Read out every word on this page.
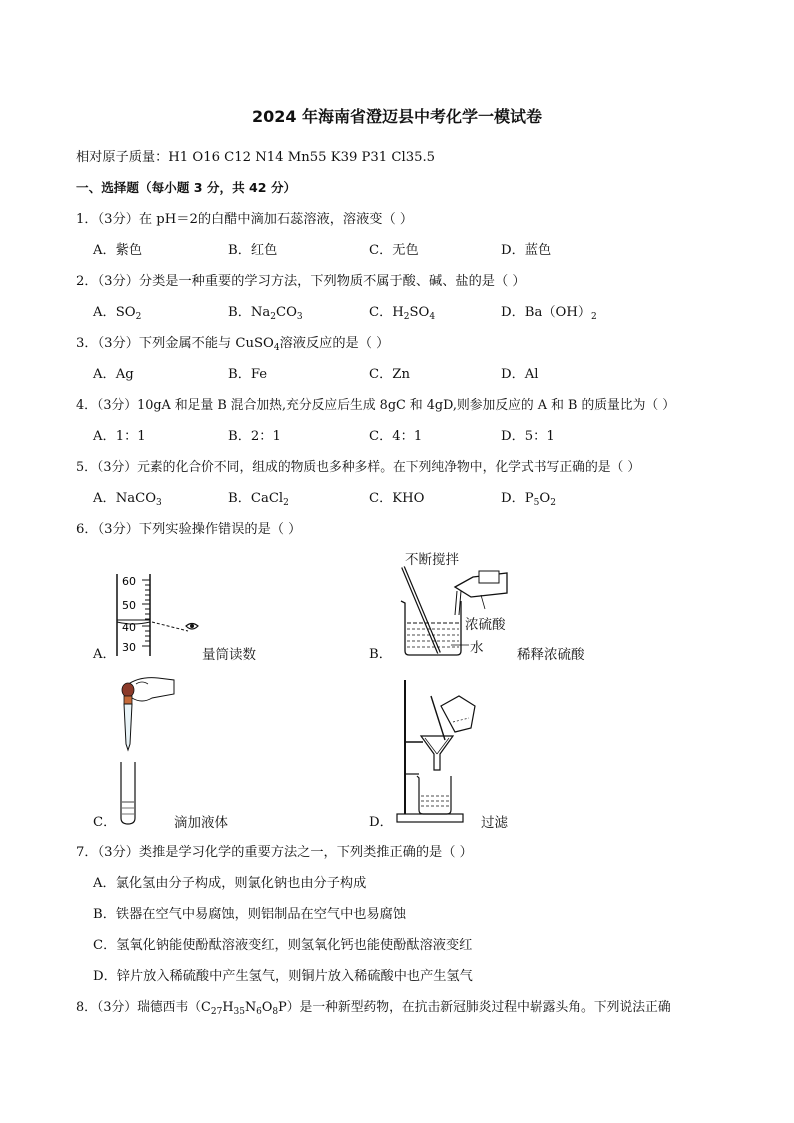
2024 年海南省澄迈县中考化学一模试卷
相对原子质量：H1 O16 C12 N14 Mn55 K39 P31 Cl35.5
一、选择题（每小题 3 分，共 42 分）
1．（3分）在 pH＝2的白醋中滴加石蕊溶液，溶液变（ ）
A．紫色	B．红色	C．无色	D．蓝色
2．（3分）分类是一种重要的学习方法，下列物质不属于酸、碱、盐的是（ ）
A．$SO_2$	B．$Na_2CO_3$	C．$H_2SO_4$	D．$Ba(OH)_2$
3．（3分）下列金属不能与 CuSO$_4$溶液反应的是（ ）
A．Ag	B．Fe	C．Zn	D．Al
4．（3分）10gA 和足量 B 混合加热,充分反应后生成 8gC 和 4gD,则参加反应的 A 和 B 的质量比为（ ）
A．1：1	B．2：1	C．4：1	D．5：1
5．（3分）元素的化合价不同，组成的物质也多种多样。在下列纯净物中，化学式书写正确的是（ ）
A．NaCO$_3$	B．CaCl$_2$	C．KHO	D．$P_5O_2$
6．（3分）下列实验操作错误的是（ ）
A．
60
50
40
30	量筒读数	B．
不断搅拌
浓硫酸
水 稀释浓硫酸
C．	滴加液体	D．	过滤
7．（3分）类推是学习化学的重要方法之一，下列类推正确的是（ ）
A．氯化氢由分子构成，则氯化钠也由分子构成
B．铁器在空气中易腐蚀，则铝制品在空气中也易腐蚀
C．氢氧化钠能使酚酞溶液变红，则氢氧化钙也能使酚酞溶液变红
D．锌片放入稀硫酸中产生氢气，则铜片放入稀硫酸中也产生氢气
8．（3分）瑞德西韦$(C_{27}H_{35}N_6O_8P)$是一种新型药物，在抗击新冠肺炎过程中崭露头角。下列说法正确
